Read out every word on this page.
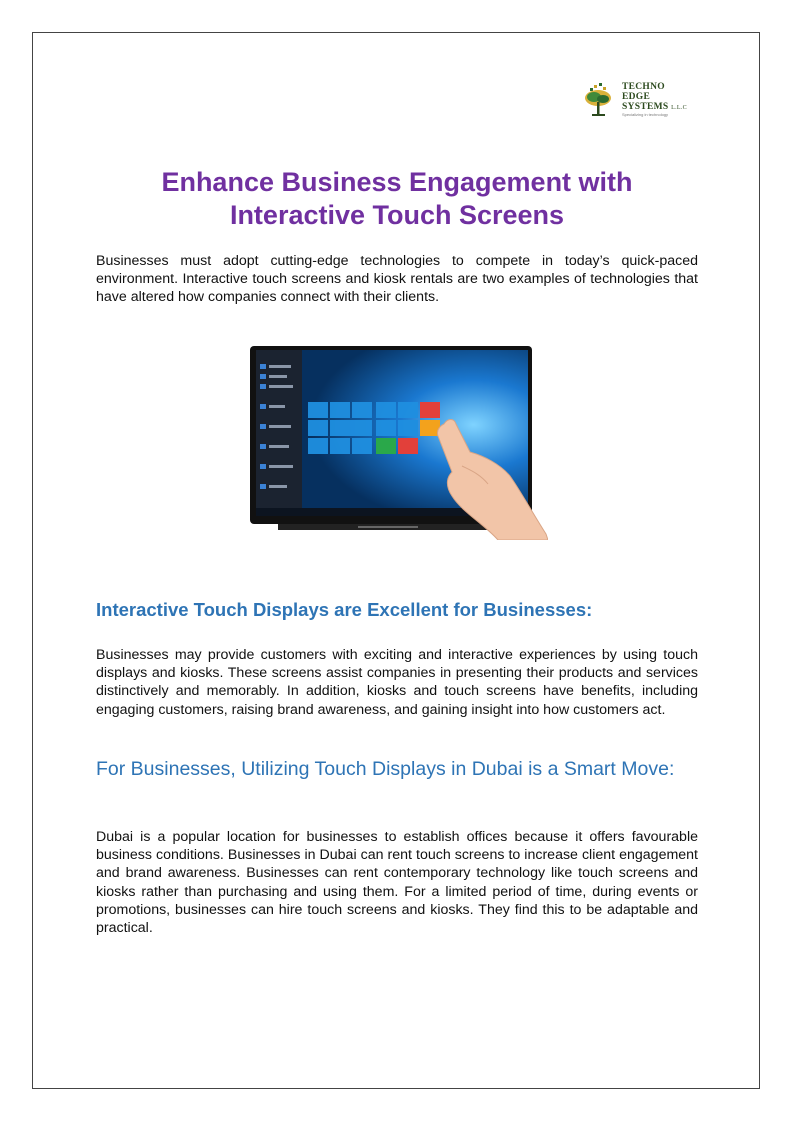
TECHNO
EDGE
SYSTEMS L.L.C
Specializing in technology
Enhance Business Engagement with Interactive Touch Screens

Businesses must adopt cutting-edge technologies to compete in today’s quick-paced environment. Interactive touch screens and kiosk rentals are two examples of technologies that have altered how companies connect with their clients.

Interactive Touch Displays are Excellent for Businesses:

Businesses may provide customers with exciting and interactive experiences by using touch displays and kiosks. These screens assist companies in presenting their products and services distinctively and memorably. In addition, kiosks and touch screens have benefits, including engaging customers, raising brand awareness, and gaining insight into how customers act.

For Businesses, Utilizing Touch Displays in Dubai is a Smart Move:

Dubai is a popular location for businesses to establish offices because it offers favourable business conditions. Businesses in Dubai can rent touch screens to increase client engagement and brand awareness. Businesses can rent contemporary technology like touch screens and kiosks rather than purchasing and using them. For a limited period of time, during events or promotions, businesses can hire touch screens and kiosks. They find this to be adaptable and practical.
